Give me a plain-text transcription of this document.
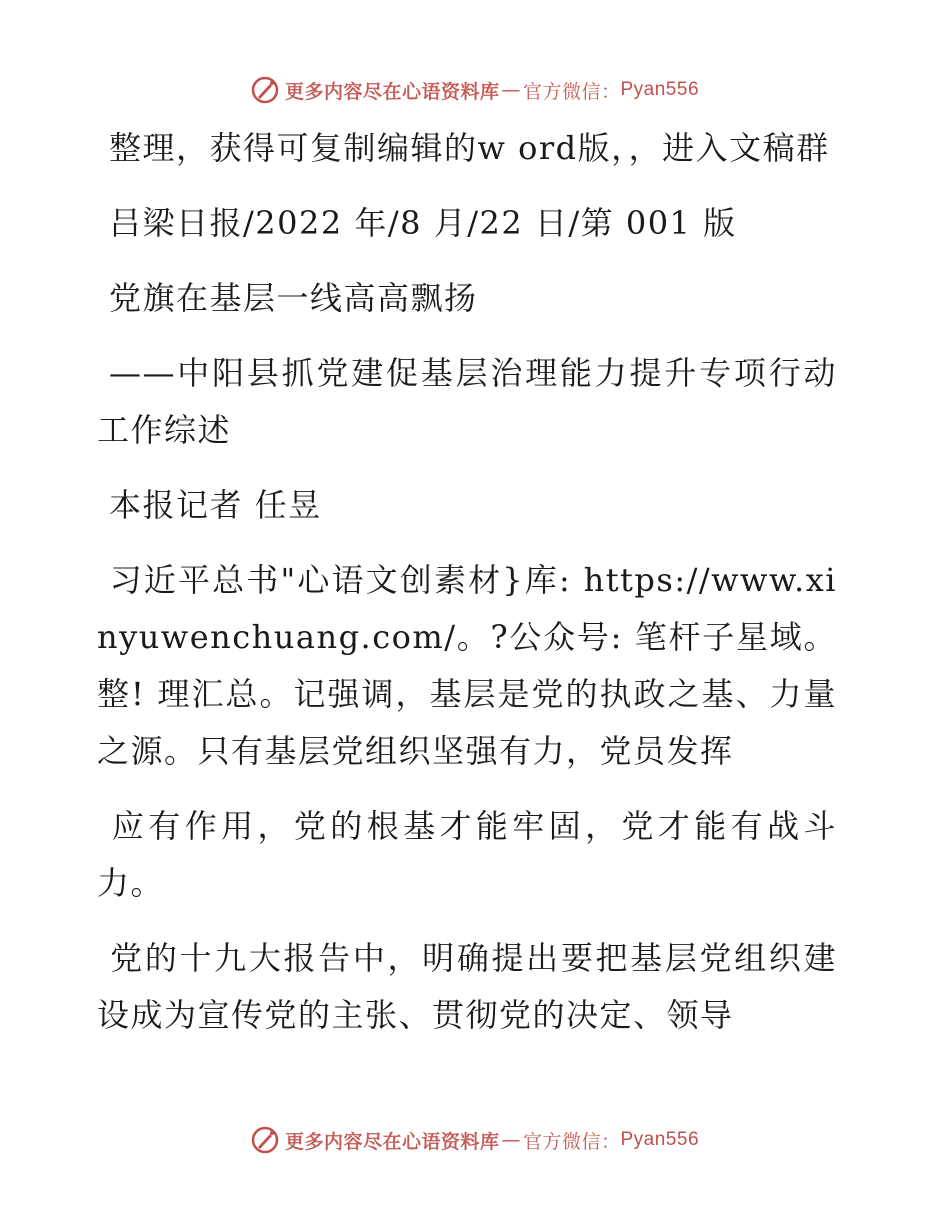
更多内容尽在心语资料库 — 官方微信： Pyan556

整理，获得可复制编辑的w ord版，，进入文稿群

吕梁日报/2022 年/8 月/22 日/第 001 版

党旗在基层一线高高飘扬

——中阳县抓党建促基层治理能力提升专项行动工作综述

本报记者 任昱

习近平总书"心语文创素材}库: https://www.xinyuwenchuang.com/。?公众号: 笔杆子星域。整! 理汇总。记强调，基层是党的执政之基、力量之源。只有基层党组织坚强有力，党员发挥

应有作用，党的根基才能牢固，党才能有战斗力。

党的十九大报告中，明确提出要把基层党组织建设成为宣传党的主张、贯彻党的决定、领导

更多内容尽在心语资料库 — 官方微信： Pyan556
